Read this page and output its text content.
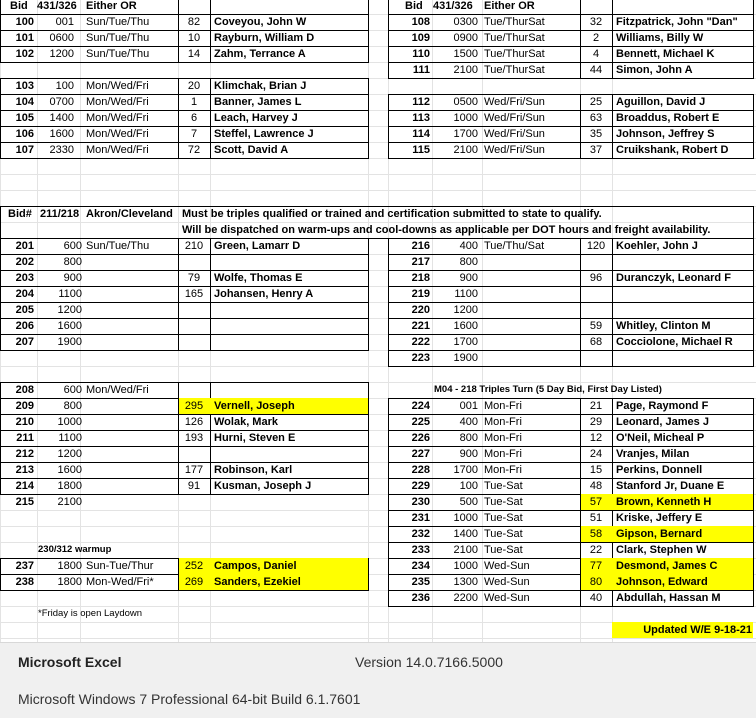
Bid 431/326 Either OR
100	001 Sun/Tue/Thu	82	Coveyou, John W
101	0600 Sun/Tue/Thu	10	Rayburn, William D
102	1200 Sun/Tue/Thu	14	Zahm, Terrance A
103	100 Mon/Wed/Fri	20	Klimchak, Brian J
104	0700 Mon/Wed/Fri	1	Banner, James L
105	1400 Mon/Wed/Fri	6	Leach, Harvey J
106	1600 Mon/Wed/Fri	7	Steffel, Lawrence J
107	2330 Mon/Wed/Fri	72	Scott, David A
Bid 431/326	Either OR
108	0300 Tue/ThurSat	32	Fitzpatrick, John "Dan"
109	0900 Tue/ThurSat	2	Williams, Billy W
110	1500 Tue/ThurSat	4	Bennett, Michael K
111	2100 Tue/ThurSat	44	Simon, John A
112	0500 Wed/Fri/Sun	25	Aguillon, David J
113	1000 Wed/Fri/Sun	63	Broaddus, Robert E
114	1700 Wed/Fri/Sun	35	Johnson, Jeffrey S
115	2100 Wed/Fri/Sun	37	Cruikshank, Robert D
Bid# 211/218 Akron/Cleveland Must be triples qualified or trained and certification submitted to state to qualify.
Will be dispatched on warm-ups and cool-downs as applicable per DOT hours and freight availability.
201	600 Sun/Tue/Thu	210 Green, Lamarr D
202	800
203	900	79	Wolfe, Thomas E
204	1100	165 Johansen, Henry A
205	1200
206	1600
207	1900
208	600 Mon/Wed/Fri
209	800	295 Vernell, Joseph
210	1000	126 Wolak, Mark
211	1100	193 Hurni, Steven E
212	1200
213	1600	177 Robinson, Karl
214	1800	91	Kusman, Joseph J
215	2100
216	400 Tue/Thu/Sat	120 Koehler, John J
217	800
218	900	96	Duranczyk, Leonard F
219	1100
220	1200
221	1600	59	Whitley, Clinton M
222	1700	68	Cocciolone, Michael R
223	1900
M04 - 218 Triples Turn (5 Day Bid, First Day Listed)
224	001 Mon-Fri	21	Page, Raymond F
225	400 Mon-Fri	29	Leonard, James J
226	800 Mon-Fri	12	O'Neil, Micheal P
227	900 Mon-Fri	24	Vranjes, Milan
228	1700 Mon-Fri	15	Perkins, Donnell
229	100 Tue-Sat	48	Stanford Jr, Duane E
230	500 Tue-Sat	57	Brown, Kenneth H
231	1000 Tue-Sat	51	Kriske, Jeffery E
232	1400 Tue-Sat	58	Gipson, Bernard
233	2100 Tue-Sat	22	Clark, Stephen W
234	1000 Wed-Sun	77	Desmond, James C
235	1300 Wed-Sun	80	Johnson, Edward
236	2200 Wed-Sun	40	Abdullah, Hassan M
230/312 warmup
237	1800 Sun-Tue/Thur	252 Campos, Daniel
238	1800 Mon-Wed/Fri*	269 Sanders, Ezekiel
*Friday is open Laydown
Updated W/E 9-18-21
Microsoft Excel	Version 14.0.7166.5000
Microsoft Windows 7 Professional 64-bit Build 6.1.7601
